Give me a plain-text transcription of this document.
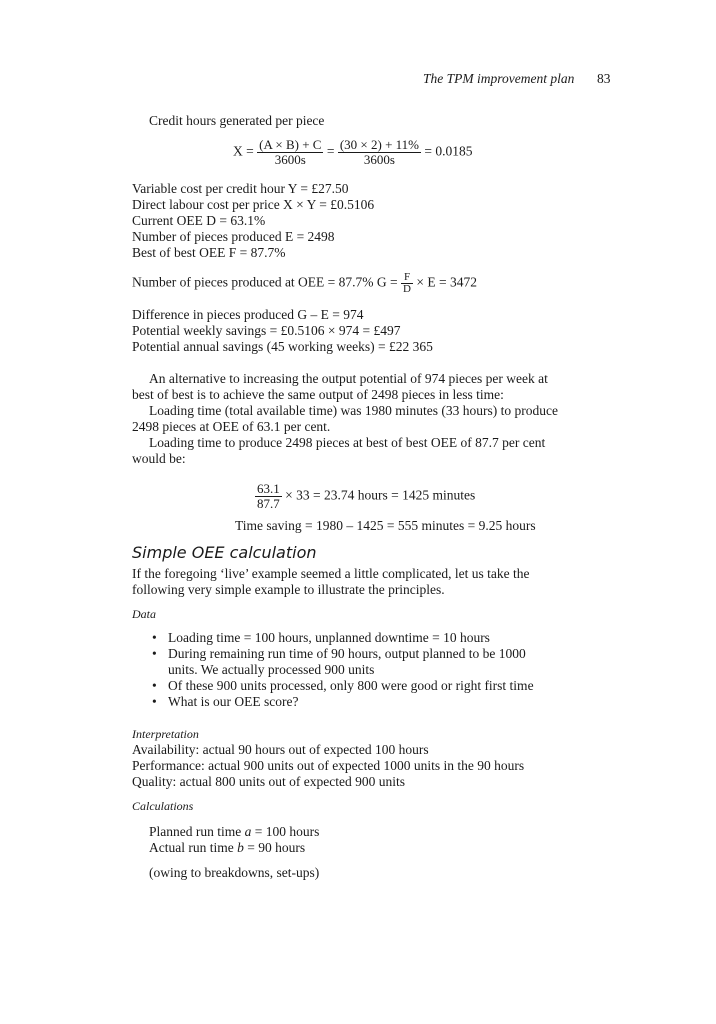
The TPM improvement plan 83
Credit hours generated per piece
$X = \frac{(A \times B) + C}{3600s} = \frac{(30 \times 2) + 11\%}{3600s} = 0.0185$
Variable cost per credit hour Y = £27.50
Direct labour cost per price X × Y = £0.5106
Current OEE D = 63.1%
Number of pieces produced E = 2498
Best of best OEE F = 87.7%
Number of pieces produced at OEE = 87.7% $G = \frac{F}{D} \times E = 3472$
Difference in pieces produced G – E = 974
Potential weekly savings = £0.5106 × 974 = £497
Potential annual savings (45 working weeks) = £22 365
An alternative to increasing the output potential of 974 pieces per week at
best of best is to achieve the same output of 2498 pieces in less time:
Loading time (total available time) was 1980 minutes (33 hours) to produce
2498 pieces at OEE of 63.1 per cent.
Loading time to produce 2498 pieces at best of best OEE of 87.7 per cent
would be:
$\frac{63.1}{87.7} \times 33 = 23.74$ hours = 1425 minutes
Time saving = 1980 – 1425 = 555 minutes = 9.25 hours
Simple OEE calculation
If the foregoing ‘live’ example seemed a little complicated, let us take the
following very simple example to illustrate the principles.
Data
• Loading time = 100 hours, unplanned downtime = 10 hours
• During remaining run time of 90 hours, output planned to be 1000
units. We actually processed 900 units
• Of these 900 units processed, only 800 were good or right first time
• What is our OEE score?
Interpretation
Availability: actual 90 hours out of expected 100 hours
Performance: actual 900 units out of expected 1000 units in the 90 hours
Quality: actual 800 units out of expected 900 units
Calculations
Planned run time a = 100 hours
Actual run time b = 90 hours
(owing to breakdowns, set-ups)
